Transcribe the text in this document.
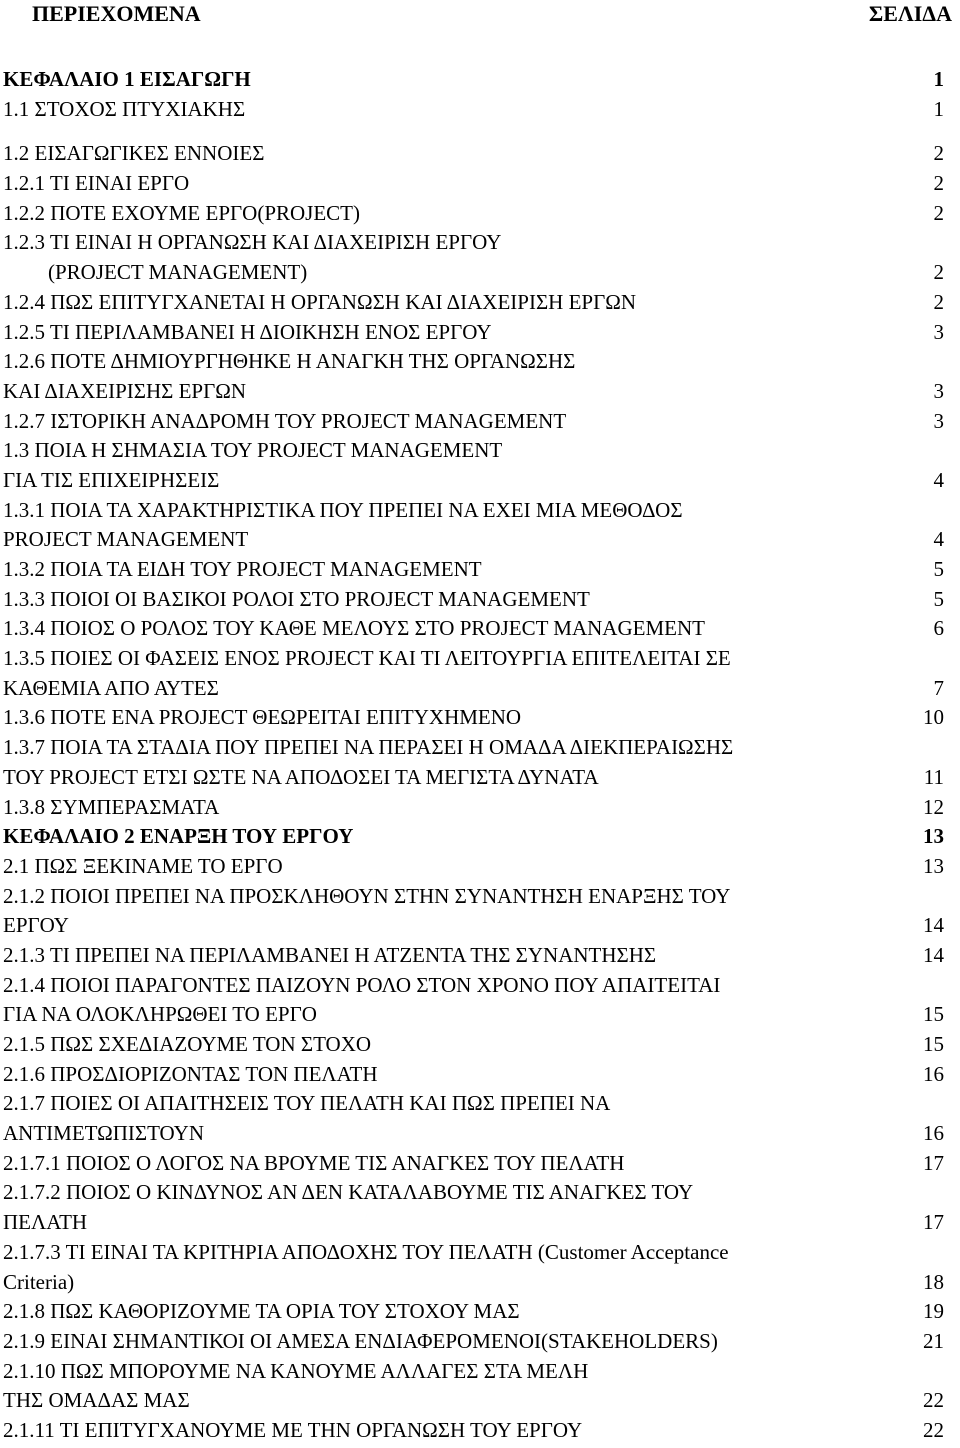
ΠΕΡΙΕΧΟΜΕΝΑ	ΣΕΛΙΔΑ
ΚΕΦΑΛΑΙΟ 1 ΕΙΣΑΓΩΓΗ	1
1.1 ΣΤΟΧΟΣ ΠΤΥΧΙΑΚΗΣ	1
1.2 ΕΙΣΑΓΩΓΙΚΕΣ ΕΝΝΟΙΕΣ	2
1.2.1 ΤΙ ΕΙΝΑΙ ΕΡΓΟ	2
1.2.2 ΠΟΤΕ ΕΧΟΥΜΕ ΕΡΓΟ(PROJECT)	2
1.2.3 ΤΙ ΕΙΝΑΙ Η ΟΡΓΑΝΩΣΗ ΚΑΙ ΔΙΑΧΕΙΡΙΣΗ ΕΡΓΟΥ
(PROJECT MANAGEMENT)	2
1.2.4 ΠΩΣ ΕΠΙΤΥΓΧΑΝΕΤΑΙ Η ΟΡΓΑΝΩΣΗ ΚΑΙ ΔΙΑΧΕΙΡΙΣΗ ΕΡΓΩΝ	2
1.2.5 ΤΙ ΠΕΡΙΛΑΜΒΑΝΕΙ Η ΔΙΟΙΚΗΣΗ ΕΝΟΣ ΕΡΓΟΥ	3
1.2.6 ΠΟΤΕ ΔΗΜΙΟΥΡΓΗΘΗΚΕ Η ΑΝΑΓΚΗ ΤΗΣ ΟΡΓΑΝΩΣΗΣ
ΚΑΙ ΔΙΑΧΕΙΡΙΣΗΣ ΕΡΓΩΝ	3
1.2.7 ΙΣΤΟΡΙΚΗ ΑΝΑΔΡΟΜΗ ΤΟΥ PROJECT MANAGEMENT	3
1.3 ΠΟΙΑ Η ΣΗΜΑΣΙΑ ΤΟΥ PROJECT MANAGEMENT
ΓΙΑ ΤΙΣ ΕΠΙΧΕΙΡΗΣΕΙΣ	4
1.3.1 ΠΟΙΑ ΤΑ ΧΑΡΑΚΤΗΡΙΣΤΙΚΑ ΠΟΥ ΠΡΕΠΕΙ ΝΑ ΕΧΕΙ ΜΙΑ ΜΕΘΟΔΟΣ
PROJECT MANAGEMENT	4
1.3.2 ΠΟΙΑ ΤΑ ΕΙΔΗ ΤΟΥ PROJECT MANAGEMENT	5
1.3.3 ΠΟΙΟΙ ΟΙ ΒΑΣΙΚΟΙ ΡΟΛΟΙ ΣΤΟ PROJECT MANAGEMENT	5
1.3.4 ΠΟΙΟΣ Ο ΡΟΛΟΣ ΤΟΥ ΚΑΘΕ ΜΕΛΟΥΣ ΣΤΟ PROJECT MANAGEMENT	6
1.3.5 ΠΟΙΕΣ ΟΙ ΦΑΣΕΙΣ ΕΝΟΣ PROJECT ΚΑΙ ΤΙ ΛΕΙΤΟΥΡΓΙΑ ΕΠΙΤΕΛΕΙΤΑΙ ΣΕ
ΚΑΘΕΜΙΑ ΑΠΟ ΑΥΤΕΣ	7
1.3.6 ΠΟΤΕ ΕΝΑ PROJECT ΘΕΩΡΕΙΤΑΙ ΕΠΙΤΥΧΗΜΕΝΟ	10
1.3.7 ΠΟΙΑ ΤΑ ΣΤΑΔΙΑ ΠΟΥ ΠΡΕΠΕΙ ΝΑ ΠΕΡΑΣΕΙ Η ΟΜΑΔΑ ΔΙΕΚΠΕΡΑΙΩΣΗΣ
ΤΟΥ PROJECT ΕΤΣΙ ΩΣΤΕ ΝΑ ΑΠΟΔΟΣΕΙ ΤΑ ΜΕΓΙΣΤΑ ΔΥΝΑΤΑ	11
1.3.8 ΣΥΜΠΕΡΑΣΜΑΤΑ	12
ΚΕΦΑΛΑΙΟ 2 ΕΝΑΡΞΗ ΤΟΥ ΕΡΓΟΥ	13
2.1 ΠΩΣ ΞΕΚΙΝΑΜΕ ΤΟ ΕΡΓΟ	13
2.1.2 ΠΟΙΟΙ ΠΡΕΠΕΙ ΝΑ ΠΡΟΣΚΛΗΘΟΥΝ ΣΤΗΝ ΣΥΝΑΝΤΗΣΗ ΕΝΑΡΞΗΣ ΤΟΥ
ΕΡΓΟΥ	14
2.1.3 ΤΙ ΠΡΕΠΕΙ ΝΑ ΠΕΡΙΛΑΜΒΑΝΕΙ Η ΑΤΖΕΝΤΑ ΤΗΣ ΣΥΝΑΝΤΗΣΗΣ	14
2.1.4 ΠΟΙΟΙ ΠΑΡΑΓΟΝΤΕΣ ΠΑΙΖΟΥΝ ΡΟΛΟ ΣΤΟΝ ΧΡΟΝΟ ΠΟΥ ΑΠΑΙΤΕΙΤΑΙ
ΓΙΑ ΝΑ ΟΛΟΚΛΗΡΩΘΕΙ ΤΟ ΕΡΓΟ	15
2.1.5 ΠΩΣ ΣΧΕΔΙΑΖΟΥΜΕ ΤΟΝ ΣΤΟΧΟ	15
2.1.6 ΠΡΟΣΔΙΟΡΙΖΟΝΤΑΣ ΤΟΝ ΠΕΛΑΤΗ	16
2.1.7 ΠΟΙΕΣ ΟΙ ΑΠΑΙΤΗΣΕΙΣ ΤΟΥ ΠΕΛΑΤΗ ΚΑΙ ΠΩΣ ΠΡΕΠΕΙ ΝΑ
ΑΝΤΙΜΕΤΩΠΙΣΤΟΥΝ	16
2.1.7.1 ΠΟΙΟΣ Ο ΛΟΓΟΣ ΝΑ ΒΡΟΥΜΕ ΤΙΣ ΑΝΑΓΚΕΣ ΤΟΥ ΠΕΛΑΤΗ	17
2.1.7.2 ΠΟΙΟΣ Ο ΚΙΝΔΥΝΟΣ ΑΝ ΔΕΝ ΚΑΤΑΛΑΒΟΥΜΕ ΤΙΣ ΑΝΑΓΚΕΣ ΤΟΥ
ΠΕΛΑΤΗ	17
2.1.7.3 ΤΙ ΕΙΝΑΙ ΤΑ ΚΡΙΤΗΡΙΑ ΑΠΟΔΟΧΗΣ ΤΟΥ ΠΕΛΑΤΗ (Customer Acceptance
Criteria)	18
2.1.8 ΠΩΣ ΚΑΘΟΡΙΖΟΥΜΕ ΤΑ ΟΡΙΑ ΤΟΥ ΣΤΟΧΟΥ ΜΑΣ	19
2.1.9 ΕΙΝΑΙ ΣΗΜΑΝΤΙΚΟΙ ΟΙ ΑΜΕΣΑ ΕΝΔΙΑΦΕΡΟΜΕΝΟΙ(STAKEHOLDERS)	21
2.1.10 ΠΩΣ ΜΠΟΡΟΥΜΕ ΝΑ ΚΑΝΟΥΜΕ ΑΛΛΑΓΕΣ ΣΤΑ ΜΕΛΗ
ΤΗΣ ΟΜΑΔΑΣ ΜΑΣ	22
2.1.11 ΤΙ ΕΠΙΤΥΓΧΑΝΟΥΜΕ ΜΕ ΤΗΝ ΟΡΓΑΝΩΣΗ ΤΟΥ ΕΡΓΟΥ	22
